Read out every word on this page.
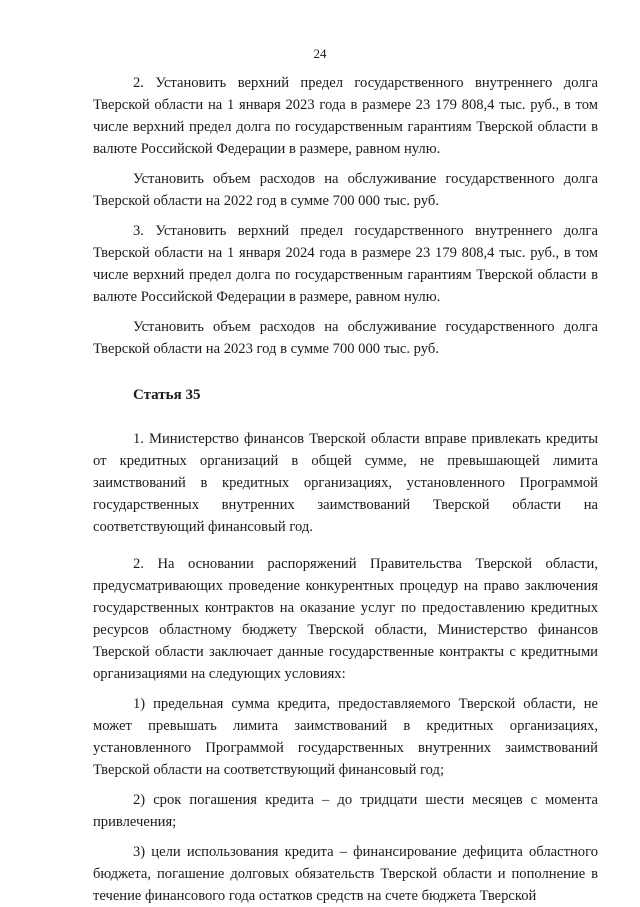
24

2. Установить верхний предел государственного внутреннего долга Тверской области на 1 января 2023 года в размере 23 179 808,4 тыс. руб., в том числе верхний предел долга по государственным гарантиям Тверской области в валюте Российской Федерации в размере, равном нулю.

Установить объем расходов на обслуживание государственного долга Тверской области на 2022 год в сумме 700 000 тыс. руб.

3. Установить верхний предел государственного внутреннего долга Тверской области на 1 января 2024 года в размере 23 179 808,4 тыс. руб., в том числе верхний предел долга по государственным гарантиям Тверской области в валюте Российской Федерации в размере, равном нулю.

Установить объем расходов на обслуживание государственного долга Тверской области на 2023 год в сумме 700 000 тыс. руб.

Статья 35

1. Министерство финансов Тверской области вправе привлекать кредиты от кредитных организаций в общей сумме, не превышающей лимита заимствований в кредитных организациях, установленного Программой государственных внутренних заимствований Тверской области на соответствующий финансовый год.

2. На основании распоряжений Правительства Тверской области, предусматривающих проведение конкурентных процедур на право заключения государственных контрактов на оказание услуг по предоставлению кредитных ресурсов областному бюджету Тверской области, Министерство финансов Тверской области заключает данные государственные контракты с кредитными организациями на следующих условиях:

1) предельная сумма кредита, предоставляемого Тверской области, не может превышать лимита заимствований в кредитных организациях, установленного Программой государственных внутренних заимствований Тверской области на соответствующий финансовый год;

2) срок погашения кредита – до тридцати шести месяцев с момента привлечения;

3) цели использования кредита – финансирование дефицита областного бюджета, погашение долговых обязательств Тверской области и пополнение в течение финансового года остатков средств на счете бюджета Тверской
